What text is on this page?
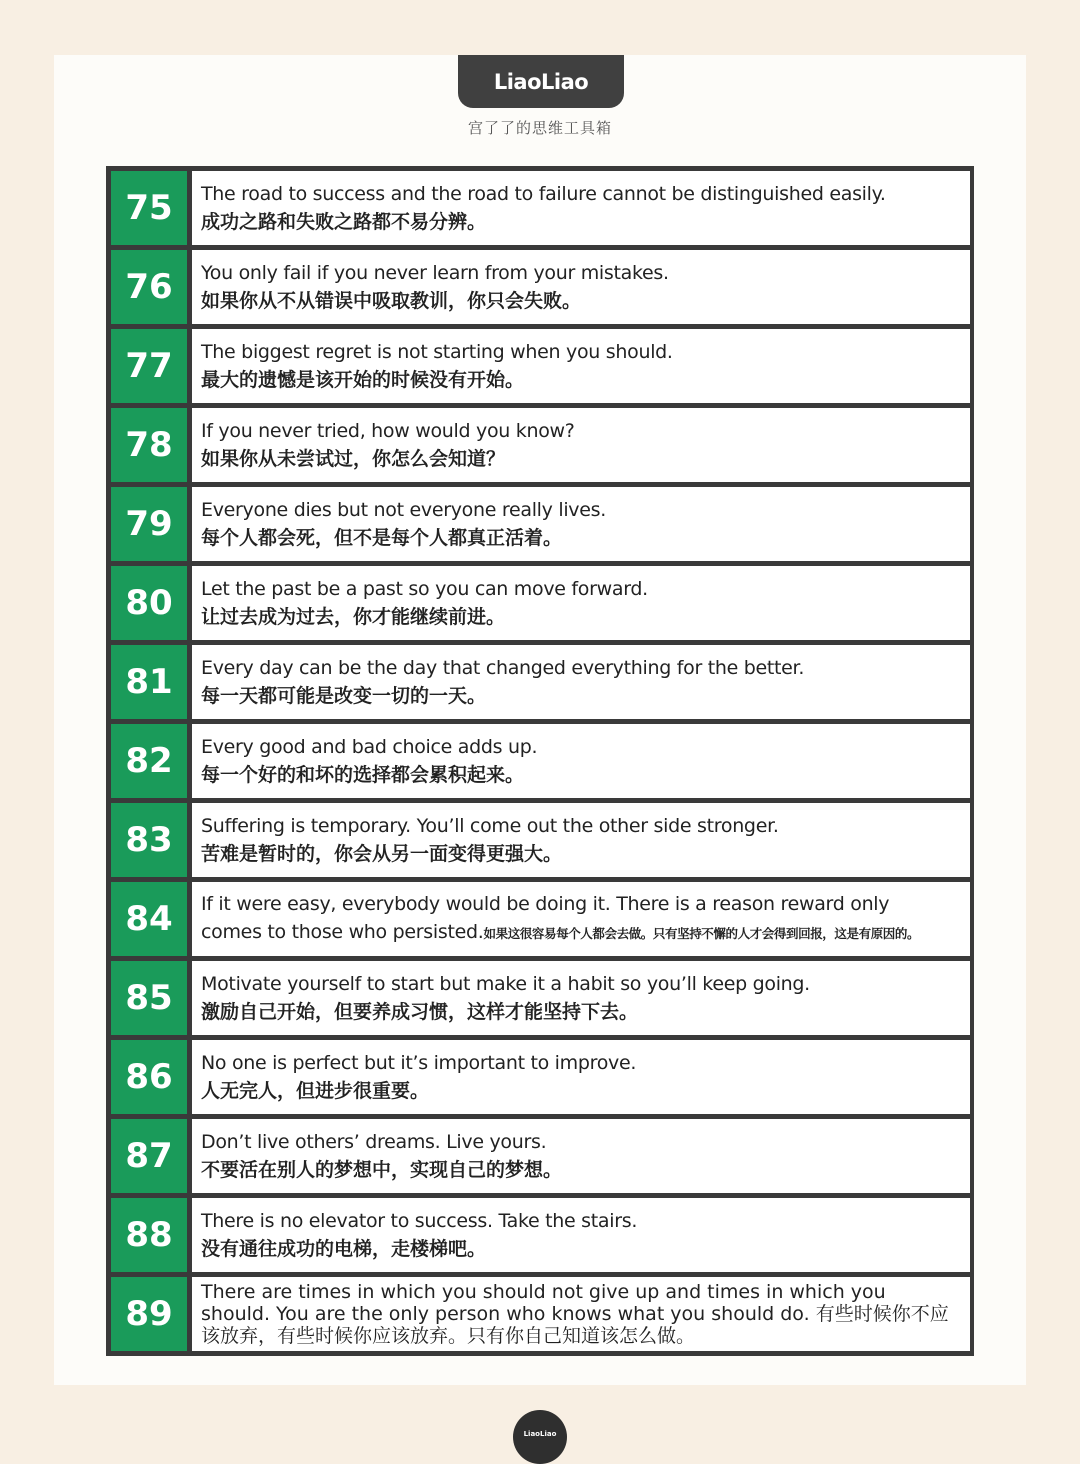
LiaoLiao
宫了了的思维工具箱
75	The road to success and the road to failure cannot be distinguished easily.
成功之路和失败之路都不易分辨。
76	You only fail if you never learn from your mistakes.
如果你从不从错误中吸取教训，你只会失败。
77	The biggest regret is not starting when you should.
最大的遗憾是该开始的时候没有开始。
78	If you never tried, how would you know?
如果你从未尝试过，你怎么会知道？
79	Everyone dies but not everyone really lives.
每个人都会死，但不是每个人都真正活着。
80	Let the past be a past so you can move forward.
让过去成为过去，你才能继续前进。
81	Every day can be the day that changed everything for the better.
每一天都可能是改变一切的一天。
82	Every good and bad choice adds up.
每一个好的和坏的选择都会累积起来。
83	Suffering is temporary. You’ll come out the other side stronger.
苦难是暂时的，你会从另一面变得更强大。
84	If it were easy, everybody would be doing it. There is a reason reward only
comes to those who persisted.如果这很容易每个人都会去做。只有坚持不懈的人才会得到回报，这是有原因的。
85	Motivate yourself to start but make it a habit so you’ll keep going.
激励自己开始，但要养成习惯，这样才能坚持下去。
86	No one is perfect but it’s important to improve.
人无完人，但进步很重要。
87	Don’t live others’ dreams. Live yours.
不要活在别人的梦想中，实现自己的梦想。
88	There is no elevator to success. Take the stairs.
没有通往成功的电梯，走楼梯吧。
89
There are times in which you should not give up and times in which you should. You are the only person who knows what you should do. 有些时候你不应该放弃，有些时候你应该放弃。只有你自己知道该怎么做。
LiaoLiao
